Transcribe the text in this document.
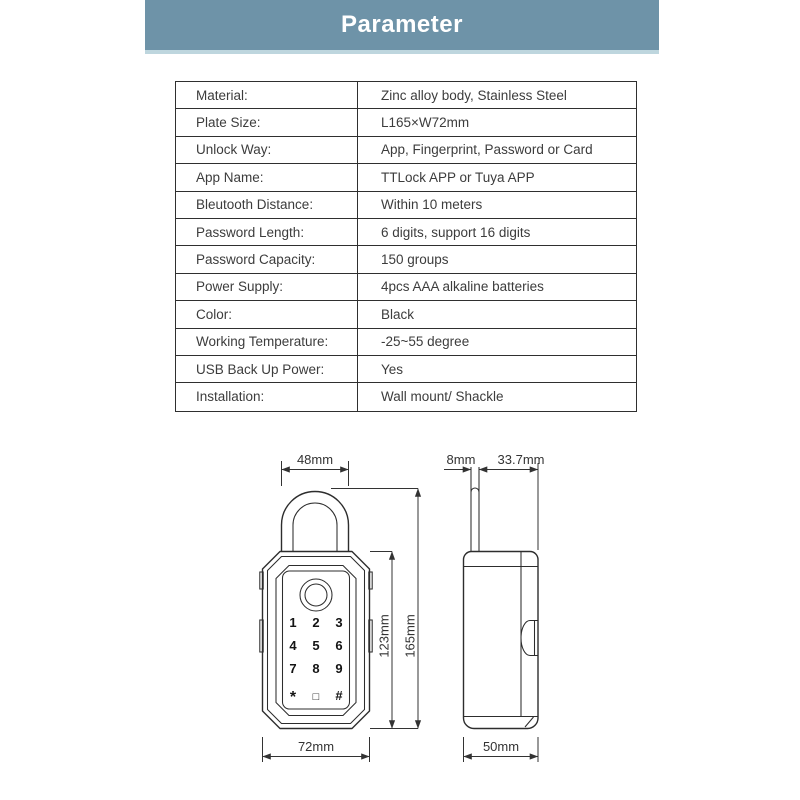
Parameter
Material:	Zinc alloy body, Stainless Steel
Plate Size:	L165×W72mm
Unlock Way:	App, Fingerprint, Password or Card
App Name:	TTLock APP or Tuya APP
Bleutooth Distance:	Within 10 meters
Password Length:	6 digits, support 16 digits
Password Capacity:	150 groups
Power Supply:	4pcs AAA alkaline batteries
Color:	Black
Working Temperature:	-25~55 degree
USB Back Up Power:	Yes
Installation:	Wall mount/ Shackle
1 2 3
4 5 6
7 8 9
* □ #
48mm
123mm 165mm
72mm
8mm 33.7mm
50mm
